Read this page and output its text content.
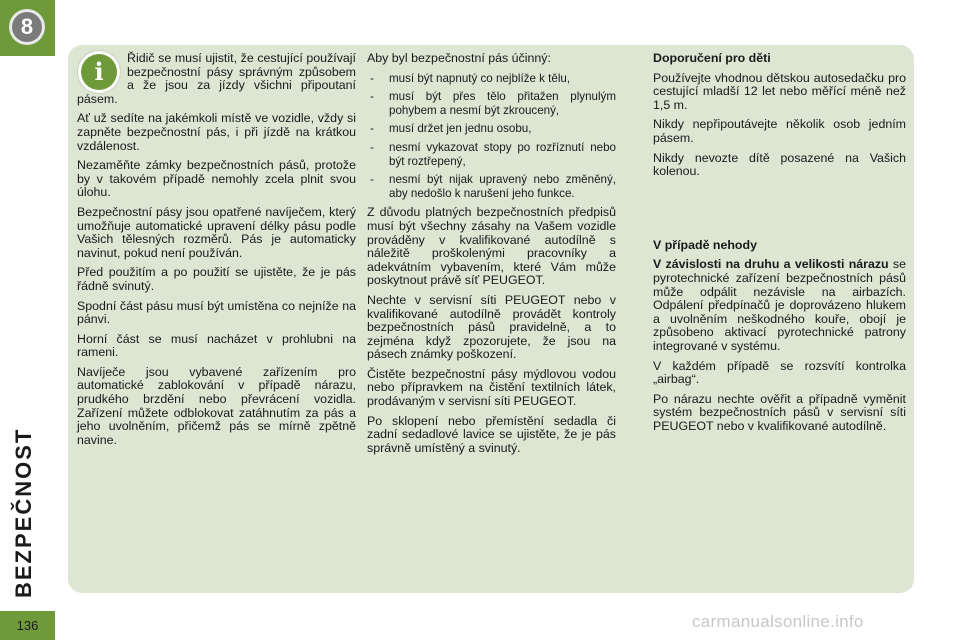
8
BEZPEČNOST
136
i	Řidič se musí ujistit, že cestující používají bezpečnostní pásy správným způsobem a že jsou za jízdy všichni připoutaní pásem.

Ať už sedíte na jakémkoli místě ve vozidle, vždy si zapněte bezpečnostní pás, i při jízdě na krátkou vzdálenost.

Nezaměňte zámky bezpečnostních pásů, protože by v takovém případě nemohly zcela plnit svou úlohu.

Bezpečnostní pásy jsou opatřené navíječem, který umožňuje automatické upravení délky pásu podle Vašich tělesných rozměrů. Pás je automaticky navinut, pokud není používán.

Před použitím a po použití se ujistěte, že je pás řádně svinutý.

Spodní část pásu musí být umístěna co nejníže na pánvi.

Horní část se musí nacházet v prohlubni na rameni.

Navíječe jsou vybavené zařízením pro automatické zablokování v případě nárazu, prudkého brzdění nebo převrácení vozidla. Zařízení můžete odblokovat zatáhnutím za pás a jeho uvolněním, přičemž pás se mírně zpětně navine.

Aby byl bezpečnostní pás účinný:

- musí být napnutý co nejblíže k tělu,
- musí být přes tělo přitažen plynulým pohybem a nesmí být zkroucený,
- musí držet jen jednu osobu,
- nesmí vykazovat stopy po rozříznutí nebo být roztřepený,
- nesmí být nijak upravený nebo změněný, aby nedošlo k narušení jeho funkce.

Z důvodu platných bezpečnostních předpisů musí být všechny zásahy na Vašem vozidle prováděny v kvalifikované autodílně s náležitě proškolenými pracovníky a adekvátním vybavením, které Vám může poskytnout právě síť PEUGEOT.

Nechte v servisní síti PEUGEOT nebo v kvalifikované autodílně provádět kontroly bezpečnostních pásů pravidelně, a to zejména když zpozorujete, že jsou na pásech známky poškození.

Čistěte bezpečnostní pásy mýdlovou vodou nebo přípravkem na čistění textilních látek, prodávaným v servisní síti PEUGEOT.

Po sklopení nebo přemístění sedadla či zadní sedadlové lavice se ujistěte, že je pás správně umístěný a svinutý.

Doporučení pro děti

Používejte vhodnou dětskou autosedačku pro cestující mladší 12 let nebo měřící méně než 1,5 m.

Nikdy nepřipoutávejte několik osob jedním pásem.

Nikdy nevozte dítě posazené na Vašich kolenou.

V případě nehody

V závislosti na druhu a velikosti nárazu se pyrotechnické zařízení bezpečnostních pásů může odpálit nezávisle na airbazích. Odpálení předpínačů je doprovázeno hlukem a uvolněním neškodného kouře, obojí je způsobeno aktivací pyrotechnické patrony integrované v systému.

V každém případě se rozsvítí kontrolka „airbag“.

Po nárazu nechte ověřit a případně vyměnit systém bezpečnostních pásů v servisní síti PEUGEOT nebo v kvalifikované autodílně.

carmanualsonline.info
